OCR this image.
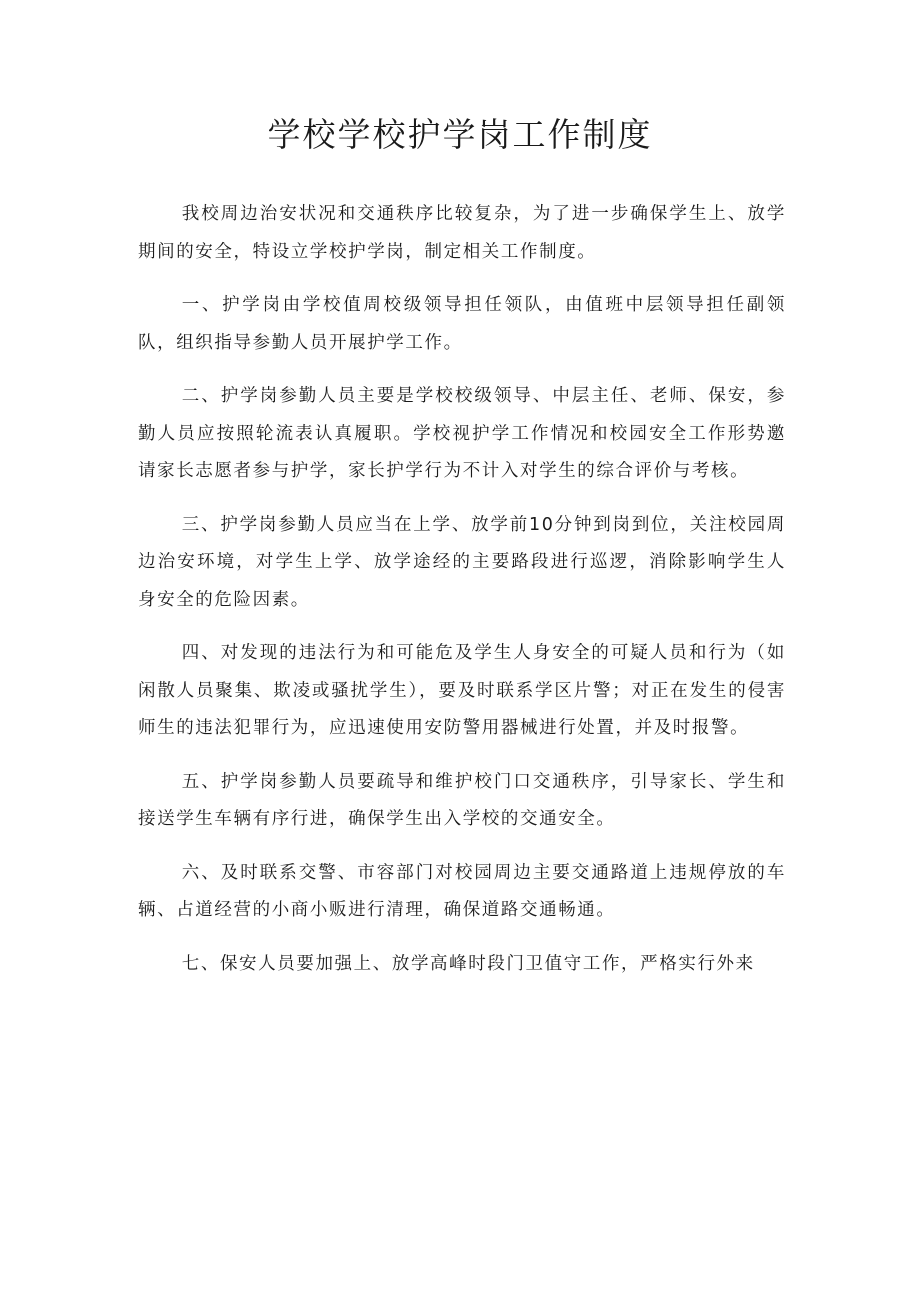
学校学校护学岗工作制度

我校周边治安状况和交通秩序比较复杂，为了进一步确保学生上、放学期间的安全，特设立学校护学岗，制定相关工作制度。

一、护学岗由学校值周校级领导担任领队，由值班中层领导担任副领队，组织指导参勤人员开展护学工作。

二、护学岗参勤人员主要是学校校级领导、中层主任、老师、保安，参勤人员应按照轮流表认真履职。学校视护学工作情况和校园安全工作形势邀请家长志愿者参与护学，家长护学行为不计入对学生的综合评价与考核。

三、护学岗参勤人员应当在上学、放学前10分钟到岗到位，关注校园周边治安环境，对学生上学、放学途经的主要路段进行巡逻，消除影响学生人身安全的危险因素。

四、对发现的违法行为和可能危及学生人身安全的可疑人员和行为（如闲散人员聚集、欺凌或骚扰学生），要及时联系学区片警；对正在发生的侵害师生的违法犯罪行为，应迅速使用安防警用器械进行处置，并及时报警。

五、护学岗参勤人员要疏导和维护校门口交通秩序，引导家长、学生和接送学生车辆有序行进，确保学生出入学校的交通安全。

六、及时联系交警、市容部门对校园周边主要交通路道上违规停放的车辆、占道经营的小商小贩进行清理，确保道路交通畅通。

七、保安人员要加强上、放学高峰时段门卫值守工作，严格实行外来
